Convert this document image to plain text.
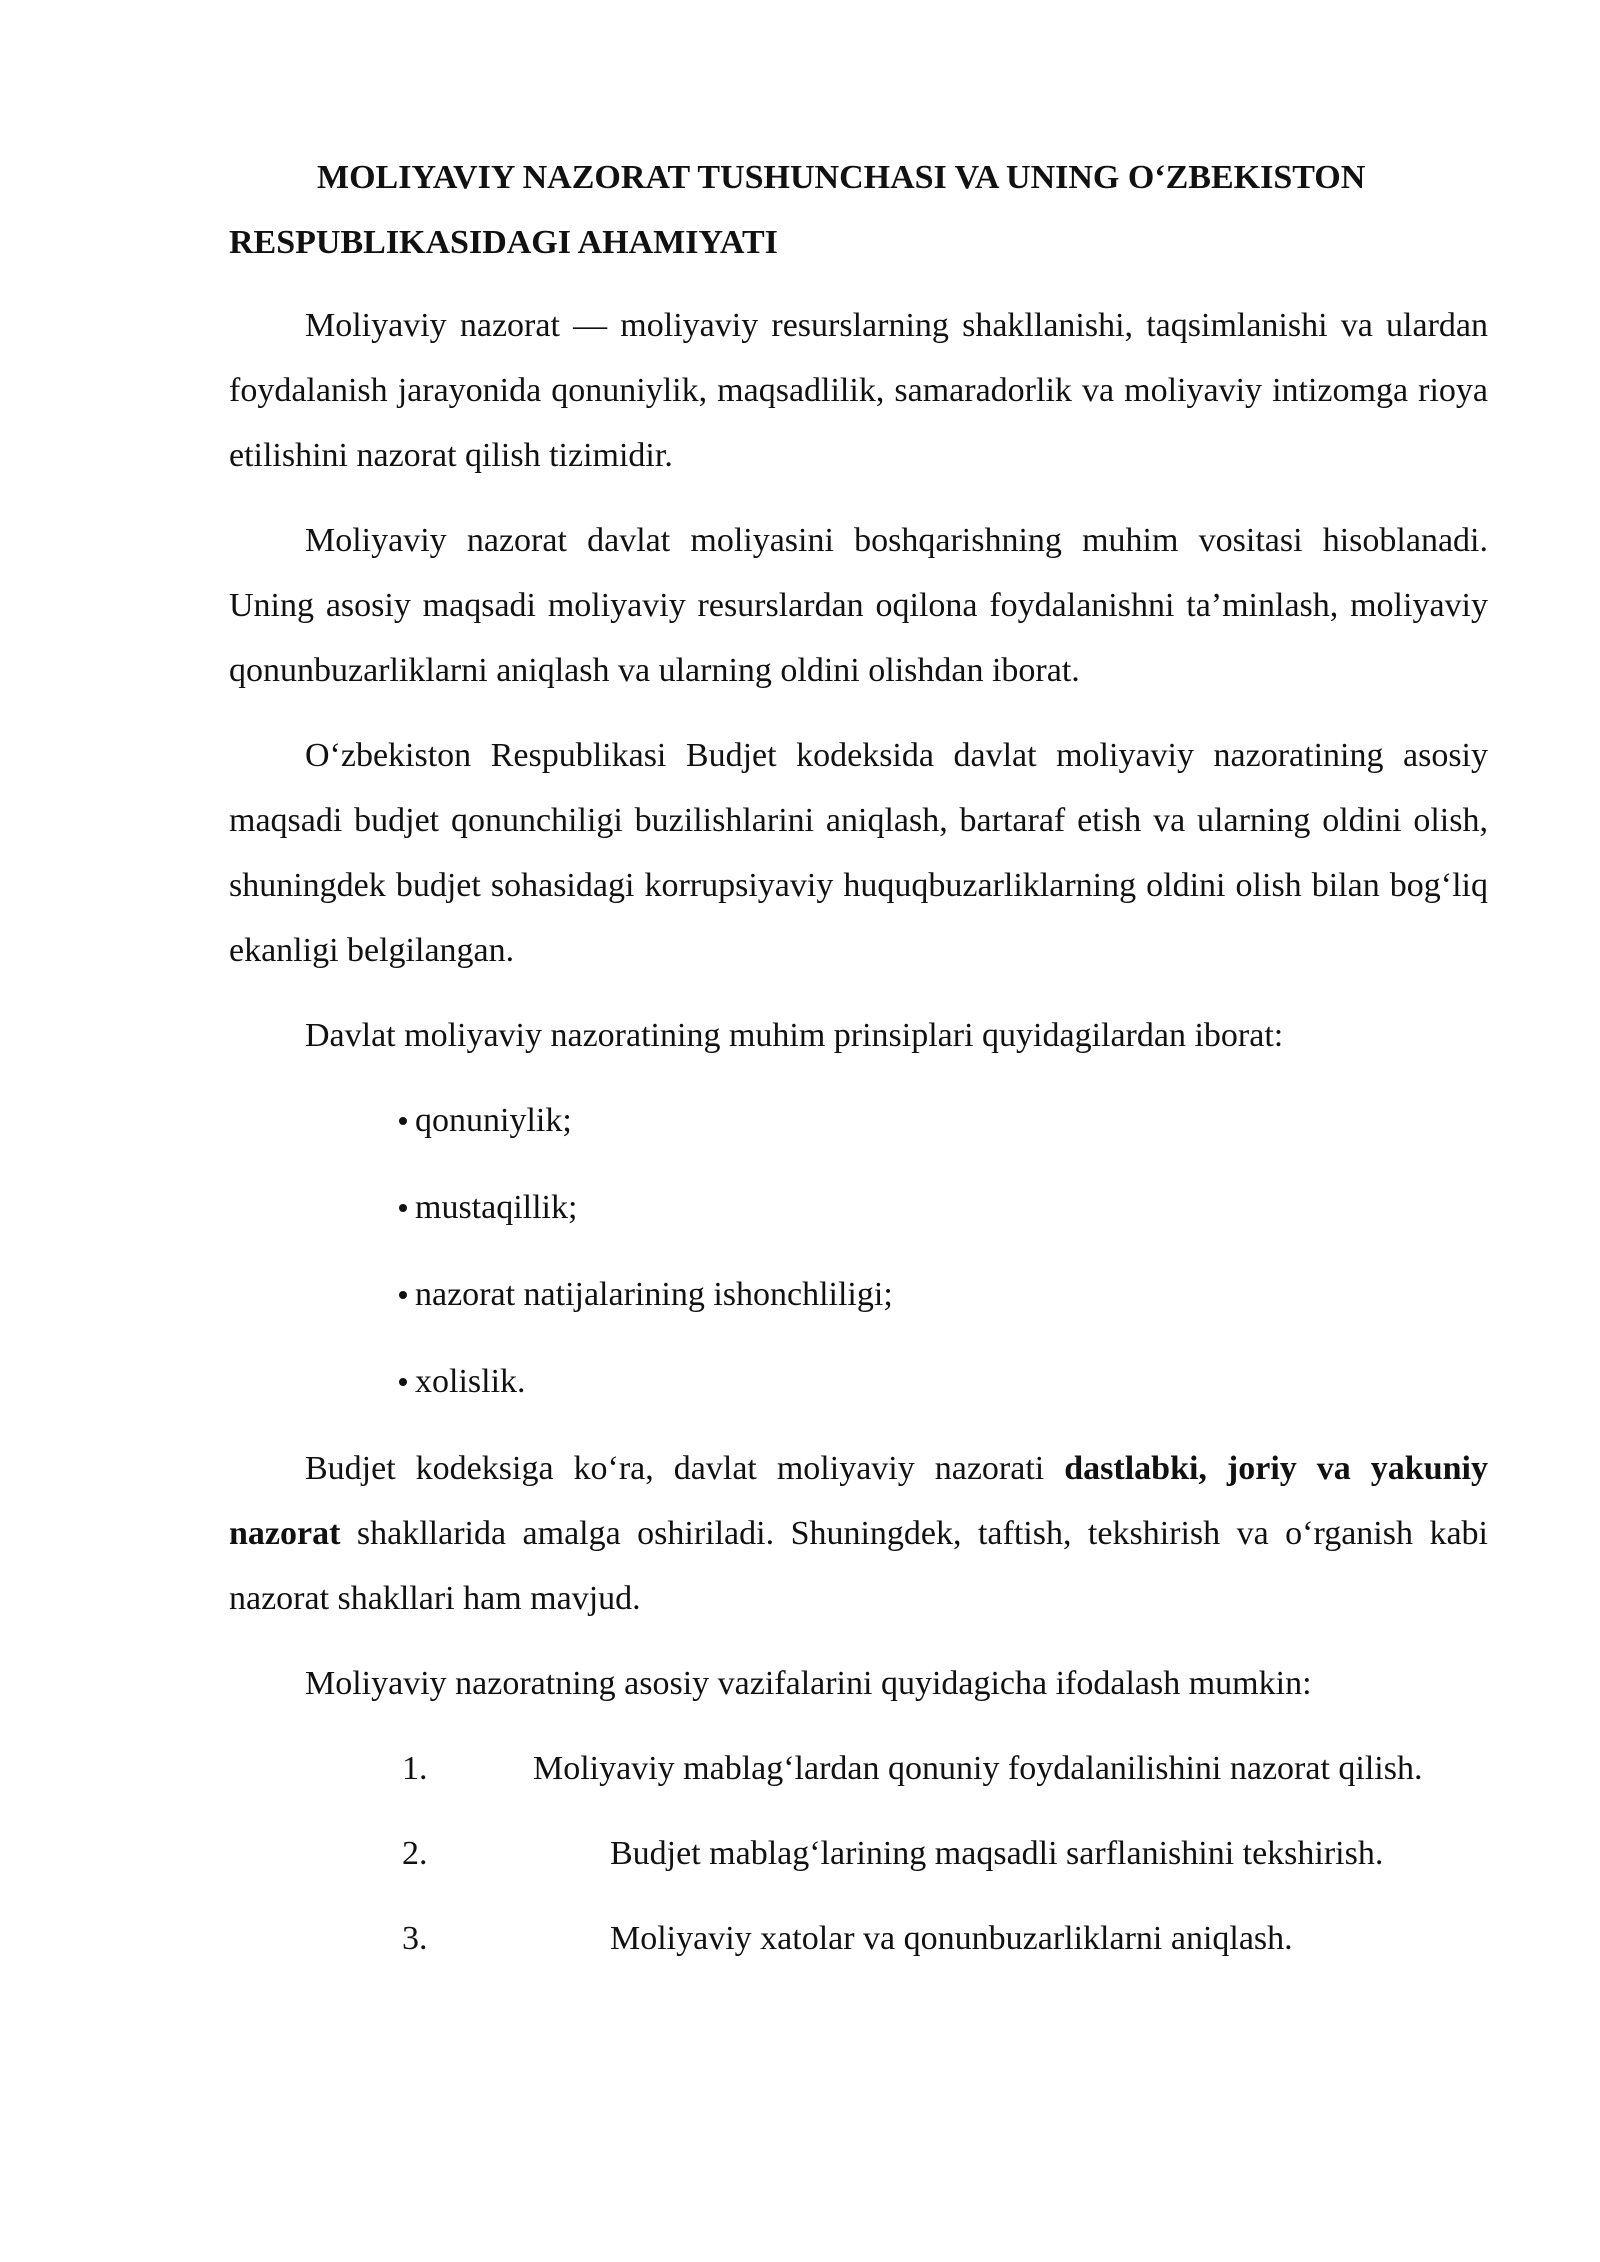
MOLIYAVIY NAZORAT TUSHUNCHASI VA UNING O‘ZBEKISTON RESPUBLIKASIDAGI AHAMIYATI

Moliyaviy nazorat — moliyaviy resurslarning shakllanishi, taqsimlanishi va ulardan foydalanish jarayonida qonuniylik, maqsadlilik, samaradorlik va moliyaviy intizomga rioya etilishini nazorat qilish tizimidir.

Moliyaviy nazorat davlat moliyasini boshqarishning muhim vositasi hisoblanadi. Uning asosiy maqsadi moliyaviy resurslardan oqilona foydalanishni ta’minlash, moliyaviy qonunbuzarliklarni aniqlash va ularning oldini olishdan iborat.

O‘zbekiston Respublikasi Budjet kodeksida davlat moliyaviy nazoratining asosiy maqsadi budjet qonunchiligi buzilishlarini aniqlash, bartaraf etish va ularning oldini olish, shuningdek budjet sohasidagi korrupsiyaviy huquqbuzarliklarning oldini olish bilan bog‘liq ekanligi belgilangan.

Davlat moliyaviy nazoratining muhim prinsiplari quyidagilardan iborat:

qonuniylik;
mustaqillik;
nazorat natijalarining ishonchliligi;
xolislik.

Budjet kodeksiga ko‘ra, davlat moliyaviy nazorati dastlabki, joriy va yakuniy nazorat shakllarida amalga oshiriladi. Shuningdek, taftish, tekshirish va o‘rganish kabi nazorat shakllari ham mavjud.

Moliyaviy nazoratning asosiy vazifalarini quyidagicha ifodalash mumkin:

1.	Moliyaviy mablag‘lardan qonuniy foydalanilishini nazorat qilish.
2.	Budjet mablag‘larining maqsadli sarflanishini tekshirish.
3.	Moliyaviy xatolar va qonunbuzarliklarni aniqlash.
